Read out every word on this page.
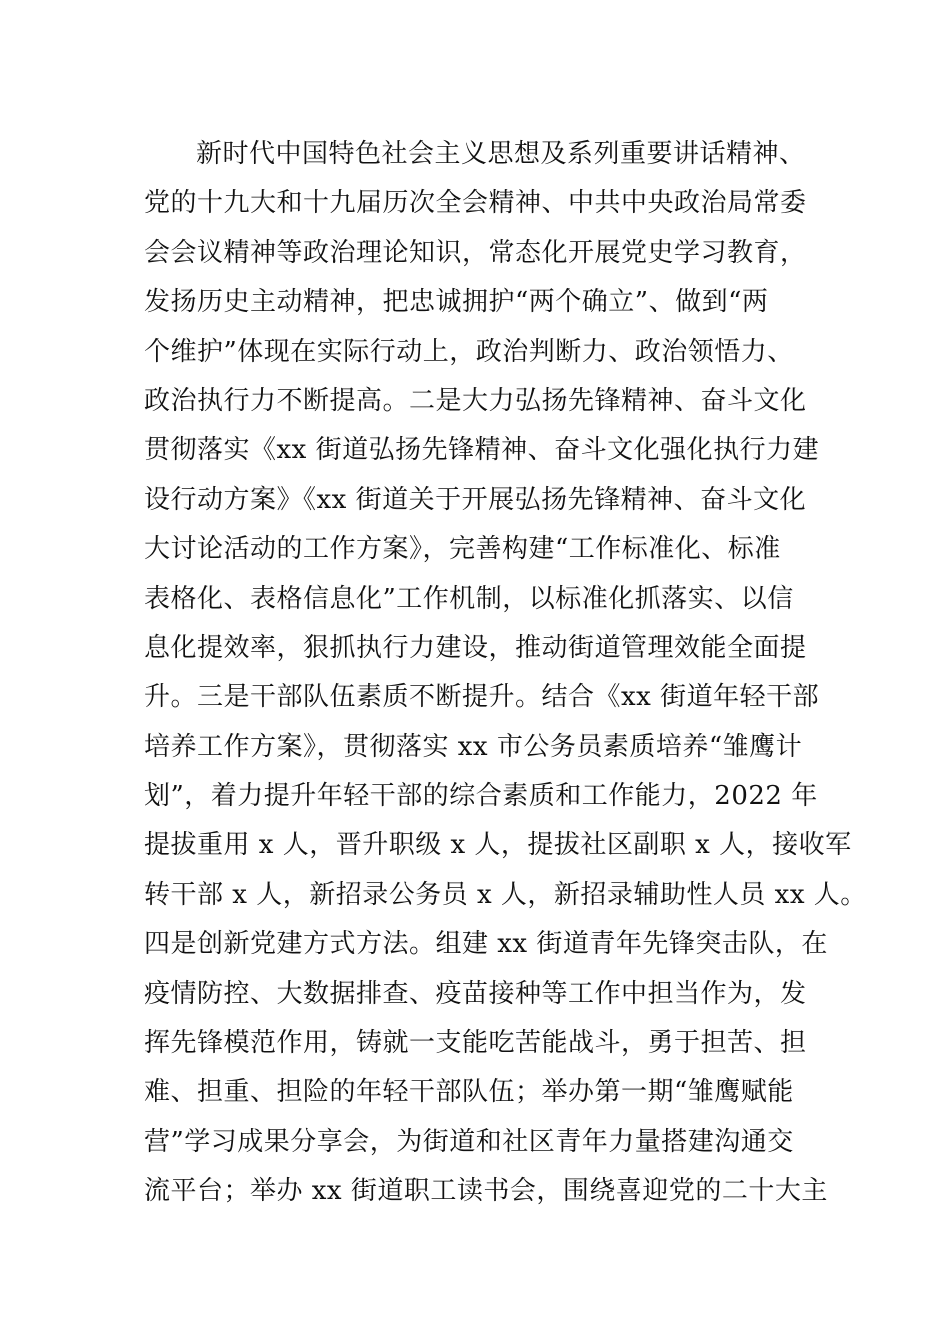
新时代中国特色社会主义思想及系列重要讲话精神、
党的十九大和十九届历次全会精神、中共中央政治局常委
会会议精神等政治理论知识，常态化开展党史学习教育，
发扬历史主动精神，把忠诚拥护“两个确立”、做到“两
个维护”体现在实际行动上，政治判断力、政治领悟力、
政治执行力不断提高。二是大力弘扬先锋精神、奋斗文化
贯彻落实《xx 街道弘扬先锋精神、奋斗文化强化执行力建
设行动方案》《xx 街道关于开展弘扬先锋精神、奋斗文化
大讨论活动的工作方案》，完善构建“工作标准化、标准
表格化、表格信息化”工作机制，以标准化抓落实、以信
息化提效率，狠抓执行力建设，推动街道管理效能全面提
升。三是干部队伍素质不断提升。结合《xx 街道年轻干部
培养工作方案》，贯彻落实 xx 市公务员素质培养“雏鹰计
划”，着力提升年轻干部的综合素质和工作能力，2022 年
提拔重用 x 人，晋升职级 x 人，提拔社区副职 x 人，接收军
转干部 x 人，新招录公务员 x 人，新招录辅助性人员 xx 人。
四是创新党建方式方法。组建 xx 街道青年先锋突击队，在
疫情防控、大数据排查、疫苗接种等工作中担当作为，发
挥先锋模范作用，铸就一支能吃苦能战斗，勇于担苦、担
难、担重、担险的年轻干部队伍；举办第一期“雏鹰赋能
营”学习成果分享会，为街道和社区青年力量搭建沟通交
流平台；举办 xx 街道职工读书会，围绕喜迎党的二十大主
